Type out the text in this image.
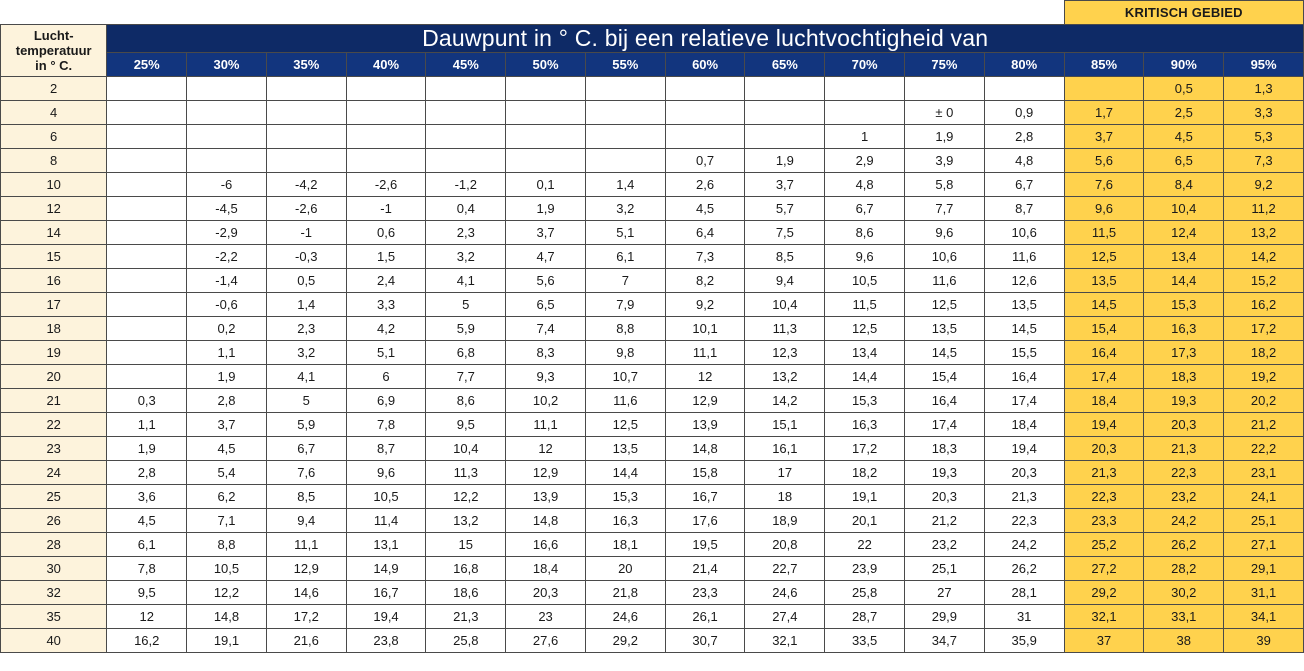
													KRITISCH GEBIED		

Lucht-
temperatuur
in ° C.	Dauwpunt in ° C. bij een relatieve luchtvochtigheid van														
	25%	30%	35%	40%	45%	50%	55%	60%	65%	70%	75%	80%	85%	90%	95%
2														0,5	1,3
4											± 0	0,9	1,7	2,5	3,3
6										1	1,9	2,8	3,7	4,5	5,3
8								0,7	1,9	2,9	3,9	4,8	5,6	6,5	7,3
10		-6	-4,2	-2,6	-1,2	0,1	1,4	2,6	3,7	4,8	5,8	6,7	7,6	8,4	9,2
12		-4,5	-2,6	-1	0,4	1,9	3,2	4,5	5,7	6,7	7,7	8,7	9,6	10,4	11,2
14		-2,9	-1	0,6	2,3	3,7	5,1	6,4	7,5	8,6	9,6	10,6	11,5	12,4	13,2
15		-2,2	-0,3	1,5	3,2	4,7	6,1	7,3	8,5	9,6	10,6	11,6	12,5	13,4	14,2
16		-1,4	0,5	2,4	4,1	5,6	7	8,2	9,4	10,5	11,6	12,6	13,5	14,4	15,2
17		-0,6	1,4	3,3	5	6,5	7,9	9,2	10,4	11,5	12,5	13,5	14,5	15,3	16,2
18		0,2	2,3	4,2	5,9	7,4	8,8	10,1	11,3	12,5	13,5	14,5	15,4	16,3	17,2
19		1,1	3,2	5,1	6,8	8,3	9,8	11,1	12,3	13,4	14,5	15,5	16,4	17,3	18,2
20		1,9	4,1	6	7,7	9,3	10,7	12	13,2	14,4	15,4	16,4	17,4	18,3	19,2
21	0,3	2,8	5	6,9	8,6	10,2	11,6	12,9	14,2	15,3	16,4	17,4	18,4	19,3	20,2
22	1,1	3,7	5,9	7,8	9,5	11,1	12,5	13,9	15,1	16,3	17,4	18,4	19,4	20,3	21,2
23	1,9	4,5	6,7	8,7	10,4	12	13,5	14,8	16,1	17,2	18,3	19,4	20,3	21,3	22,2
24	2,8	5,4	7,6	9,6	11,3	12,9	14,4	15,8	17	18,2	19,3	20,3	21,3	22,3	23,1
25	3,6	6,2	8,5	10,5	12,2	13,9	15,3	16,7	18	19,1	20,3	21,3	22,3	23,2	24,1
26	4,5	7,1	9,4	11,4	13,2	14,8	16,3	17,6	18,9	20,1	21,2	22,3	23,3	24,2	25,1
28	6,1	8,8	11,1	13,1	15	16,6	18,1	19,5	20,8	22	23,2	24,2	25,2	26,2	27,1
30	7,8	10,5	12,9	14,9	16,8	18,4	20	21,4	22,7	23,9	25,1	26,2	27,2	28,2	29,1
32	9,5	12,2	14,6	16,7	18,6	20,3	21,8	23,3	24,6	25,8	27	28,1	29,2	30,2	31,1
35	12	14,8	17,2	19,4	21,3	23	24,6	26,1	27,4	28,7	29,9	31	32,1	33,1	34,1
40	16,2	19,1	21,6	23,8	25,8	27,6	29,2	30,7	32,1	33,5	34,7	35,9	37	38	39
